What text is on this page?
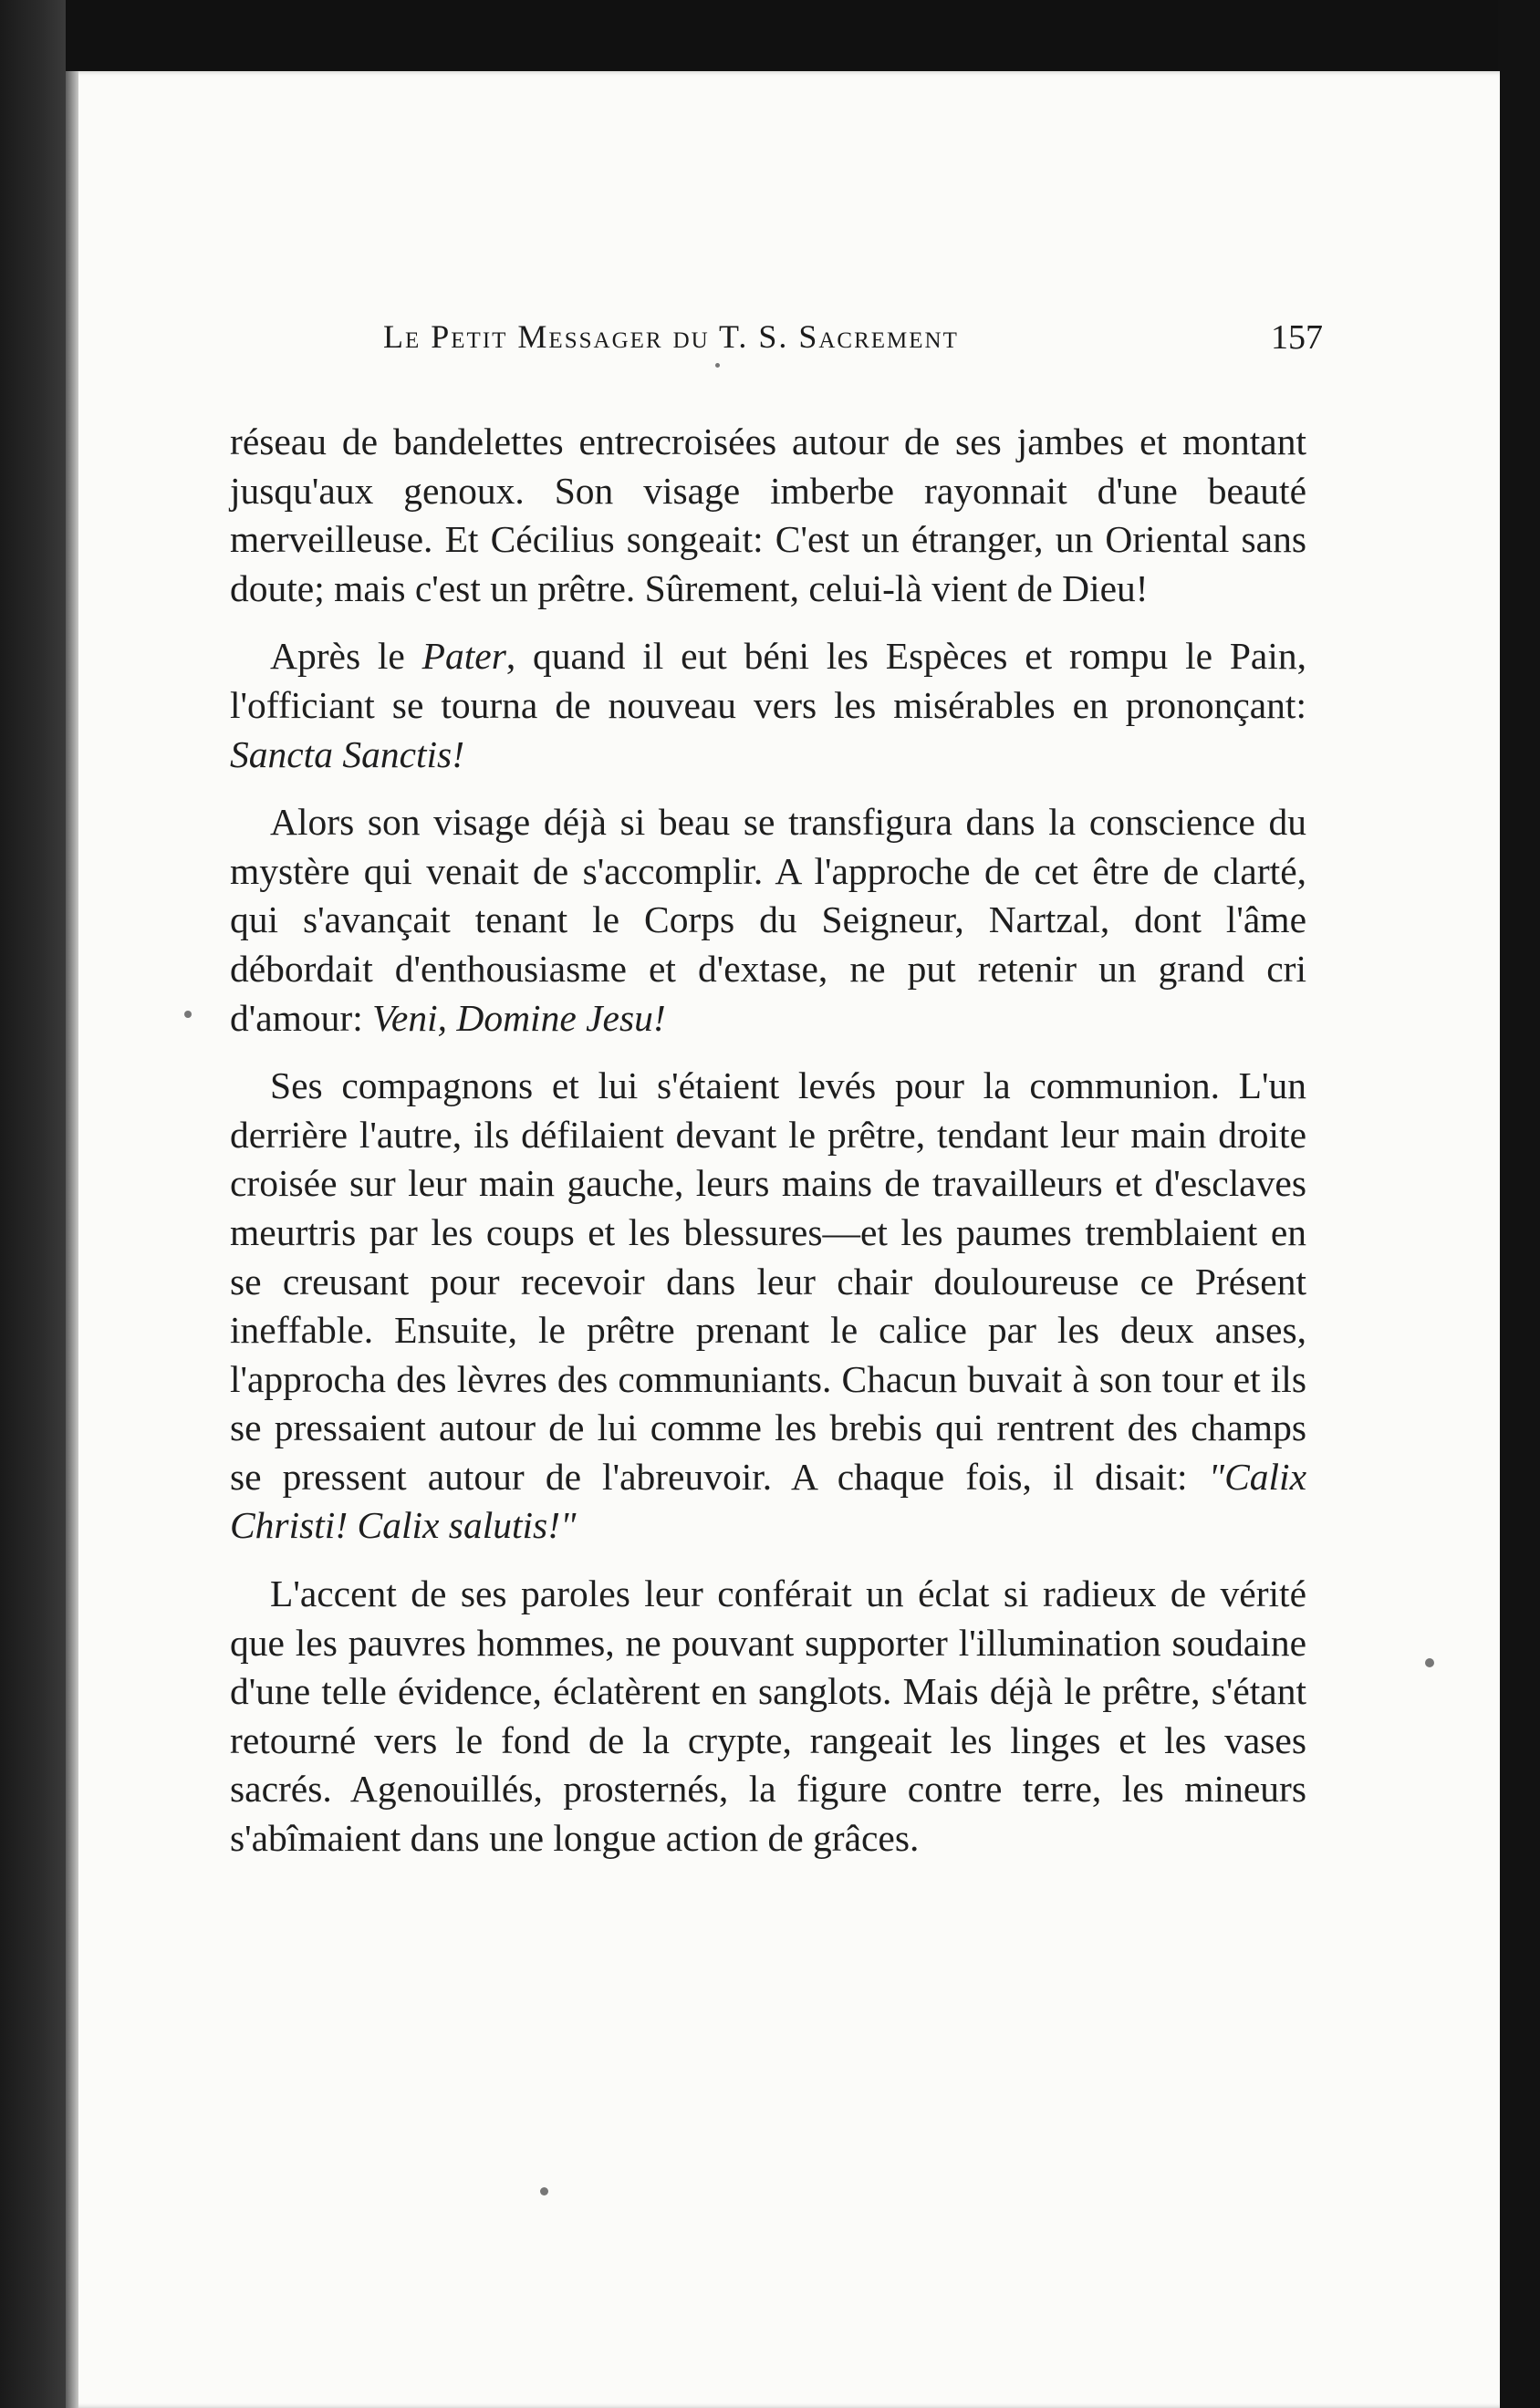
Le Petit Messager du T. S. Sacrement	157

réseau de bandelettes entrecroisées autour de ses jambes et montant jusqu'aux genoux. Son visage imberbe rayonnait d'une beauté merveilleuse. Et Cécilius songeait: C'est un étranger, un Oriental sans doute; mais c'est un prêtre. Sûrement, celui-là vient de Dieu!

Après le Pater, quand il eut béni les Espèces et rompu le Pain, l'officiant se tourna de nouveau vers les misérables en prononçant: Sancta Sanctis!

Alors son visage déjà si beau se transfigura dans la conscience du mystère qui venait de s'accomplir. A l'approche de cet être de clarté, qui s'avançait tenant le Corps du Seigneur, Nartzal, dont l'âme débordait d'enthousiasme et d'extase, ne put retenir un grand cri d'amour: Veni, Domine Jesu!

Ses compagnons et lui s'étaient levés pour la communion. L'un derrière l'autre, ils défilaient devant le prêtre, tendant leur main droite croisée sur leur main gauche, leurs mains de travailleurs et d'esclaves meurtris par les coups et les blessures—et les paumes tremblaient en se creusant pour recevoir dans leur chair douloureuse ce Présent ineffable. Ensuite, le prêtre prenant le calice par les deux anses, l'approcha des lèvres des communiants. Chacun buvait à son tour et ils se pressaient autour de lui comme les brebis qui rentrent des champs se pressent autour de l'abreuvoir. A chaque fois, il disait: "Calix Christi! Calix salutis!"

L'accent de ses paroles leur conférait un éclat si radieux de vérité que les pauvres hommes, ne pouvant supporter l'illumination soudaine d'une telle évidence, éclatèrent en sanglots. Mais déjà le prêtre, s'étant retourné vers le fond de la crypte, rangeait les linges et les vases sacrés. Agenouillés, prosternés, la figure contre terre, les mineurs s'abîmaient dans une longue action de grâces.
